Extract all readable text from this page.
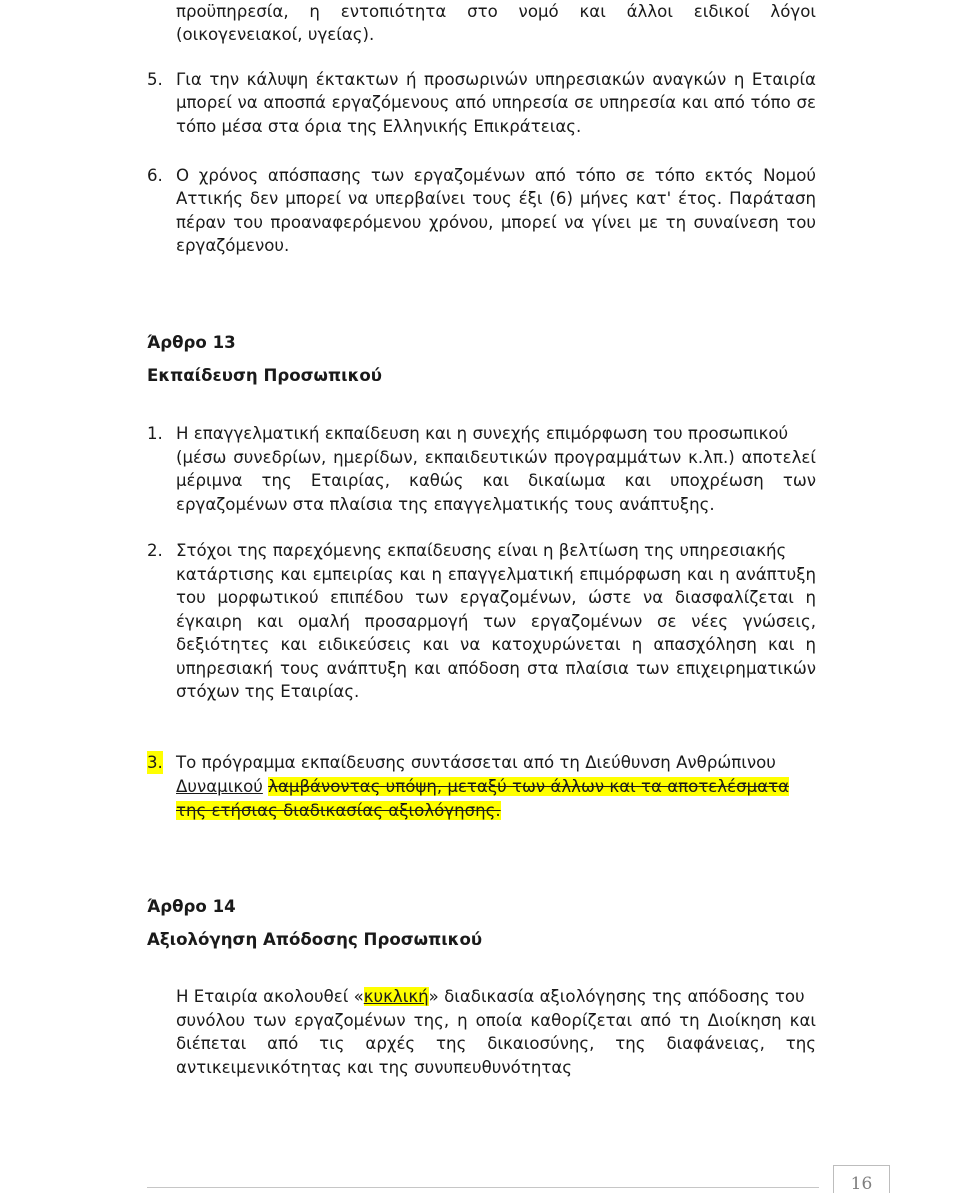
προϋπηρεσία, η εντοπιότητα στο νομό και άλλοι ειδικοί λόγοι (οικογενειακοί, υγείας).

5. Για την κάλυψη έκτακτων ή προσωρινών υπηρεσιακών αναγκών η Εταιρία μπορεί να αποσπά εργαζόμενους από υπηρεσία σε υπηρεσία και από τόπο σε τόπο μέσα στα όρια της Ελληνικής Επικράτειας.

6. Ο χρόνος απόσπασης των εργαζομένων από τόπο σε τόπο εκτός Νομού Αττικής δεν μπορεί να υπερβαίνει τους έξι (6) μήνες κατ' έτος. Παράταση πέραν του προαναφερόμενου χρόνου, μπορεί να γίνει με τη συναίνεση του εργαζόμενου.

Άρθρο 13
Εκπαίδευση Προσωπικού
1. Η επαγγελματική εκπαίδευση και η συνεχής επιμόρφωση του προσωπικού

(μέσω συνεδρίων, ημερίδων, εκπαιδευτικών προγραμμάτων κ.λπ.) αποτελεί μέριμνα της Εταιρίας, καθώς και δικαίωμα και υποχρέωση των εργαζομένων στα πλαίσια της επαγγελματικής τους ανάπτυξης.

2. Στόχοι της παρεχόμενης εκπαίδευσης είναι η βελτίωση της υπηρεσιακής

κατάρτισης και εμπειρίας και η επαγγελματική επιμόρφωση και η ανάπτυξη του μορφωτικού επιπέδου των εργαζομένων, ώστε να διασφαλίζεται η έγκαιρη και ομαλή προσαρμογή των εργαζομένων σε νέες γνώσεις, δεξιότητες και ειδικεύσεις και να κατοχυρώνεται η απασχόληση και η υπηρεσιακή τους ανάπτυξη και απόδοση στα πλαίσια των επιχειρηματικών στόχων της Εταιρίας.

3. Το πρόγραμμα εκπαίδευσης συντάσσεται από τη Διεύθυνση Ανθρώπινου

Δυναμικού λαμβάνοντας υπόψη, μεταξύ των άλλων και τα αποτελέσματα

της ετήσιας διαδικασίας αξιολόγησης.

Άρθρο 14
Αξιολόγηση Απόδοσης Προσωπικού

Η Εταιρία ακολουθεί «κυκλική» διαδικασία αξιολόγησης της απόδοσης του

συνόλου των εργαζομένων της, η οποία καθορίζεται από τη Διοίκηση και διέπεται από τις αρχές της δικαιοσύνης, της διαφάνειας, της αντικειμενικότητας και της συνυπευθυνότητας

16
